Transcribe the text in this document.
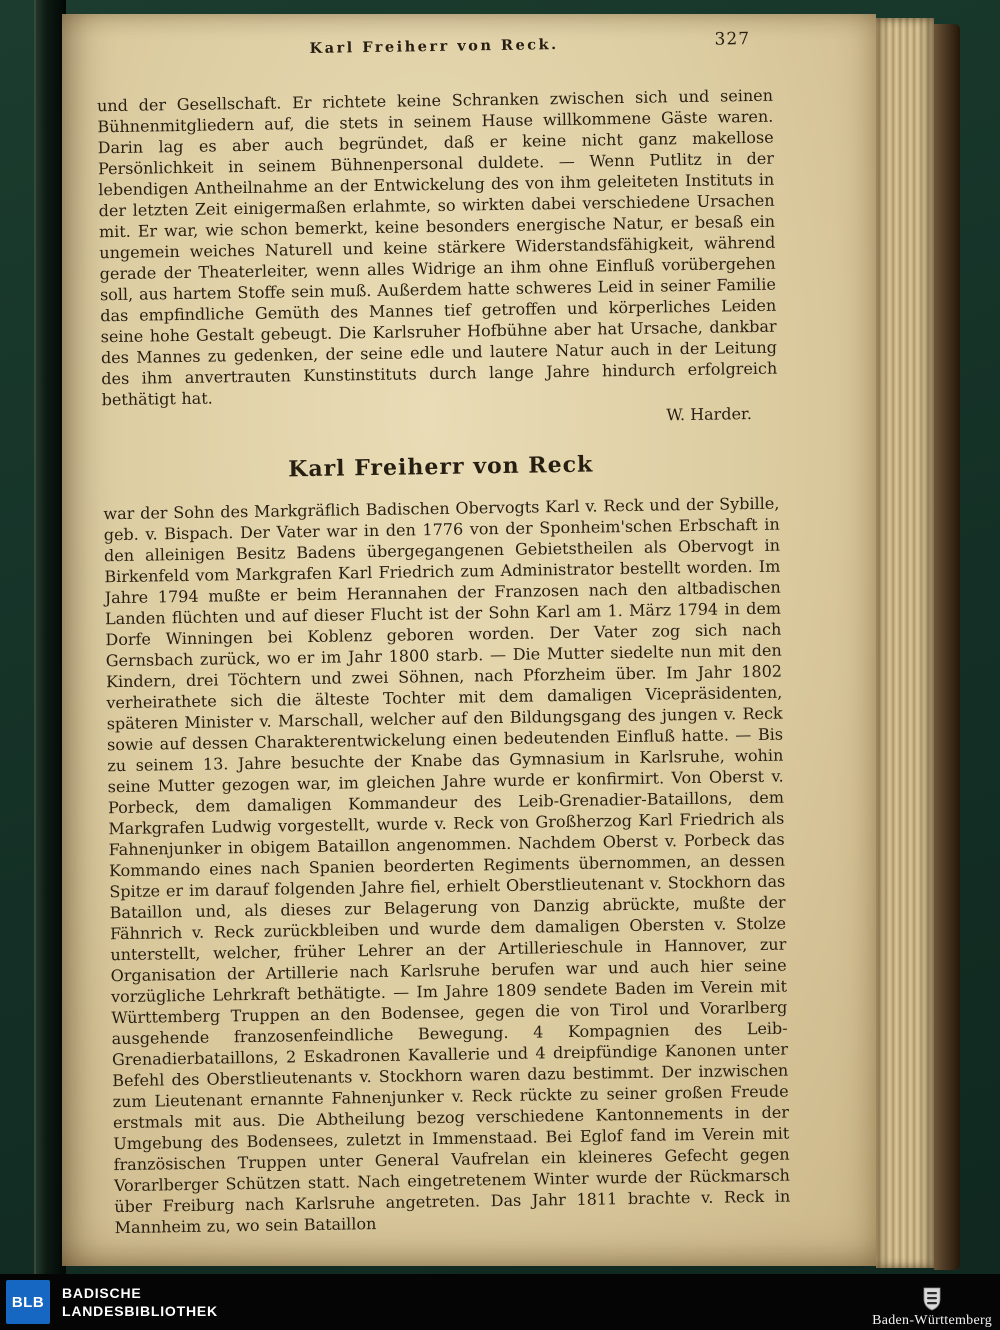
Karl Freiherr von Reck.	327

und der Gesellschaft. Er richtete keine Schranken zwischen sich und seinen Bühnenmitgliedern auf, die stets in seinem Hause willkommene Gäste waren. Darin lag es aber auch begründet, daß er keine nicht ganz makellose Persönlichkeit in seinem Bühnenpersonal duldete. — Wenn Putlitz in der lebendigen Antheilnahme an der Entwickelung des von ihm geleiteten Instituts in der letzten Zeit einigermaßen erlahmte, so wirkten dabei verschiedene Ursachen mit. Er war, wie schon bemerkt, keine besonders energische Natur, er besaß ein ungemein weiches Naturell und keine stärkere Widerstandsfähigkeit, während gerade der Theaterleiter, wenn alles Widrige an ihm ohne Einfluß vorübergehen soll, aus hartem Stoffe sein muß. Außerdem hatte schweres Leid in seiner Familie das empfindliche Gemüth des Mannes tief getroffen und körperliches Leiden seine hohe Gestalt gebeugt. Die Karlsruher Hofbühne aber hat Ursache, dankbar des Mannes zu gedenken, der seine edle und lautere Natur auch in der Leitung des ihm anvertrauten Kunstinstituts durch lange Jahre hindurch erfolgreich bethätigt hat.

W. Harder.
Karl Freiherr von Reck

war der Sohn des Markgräflich Badischen Obervogts Karl v. Reck und der Sybille, geb. v. Bispach. Der Vater war in den 1776 von der Sponheim'schen Erbschaft in den alleinigen Besitz Badens übergegangenen Gebietstheilen als Obervogt in Birkenfeld vom Markgrafen Karl Friedrich zum Administrator bestellt worden. Im Jahre 1794 mußte er beim Herannahen der Franzosen nach den altbadischen Landen flüchten und auf dieser Flucht ist der Sohn Karl am 1. März 1794 in dem Dorfe Winningen bei Koblenz geboren worden. Der Vater zog sich nach Gernsbach zurück, wo er im Jahr 1800 starb. — Die Mutter siedelte nun mit den Kindern, drei Töchtern und zwei Söhnen, nach Pforzheim über. Im Jahr 1802 verheirathete sich die älteste Tochter mit dem damaligen Vicepräsidenten, späteren Minister v. Marschall, welcher auf den Bildungsgang des jungen v. Reck sowie auf dessen Charakterentwickelung einen bedeutenden Einfluß hatte. — Bis zu seinem 13. Jahre besuchte der Knabe das Gymnasium in Karlsruhe, wohin seine Mutter gezogen war, im gleichen Jahre wurde er konfirmirt. Von Oberst v. Porbeck, dem damaligen Kommandeur des Leib-Grenadier-Bataillons, dem Markgrafen Ludwig vorgestellt, wurde v. Reck von Großherzog Karl Friedrich als Fahnenjunker in obigem Bataillon angenommen. Nachdem Oberst v. Porbeck das Kommando eines nach Spanien beorderten Regiments übernommen, an dessen Spitze er im darauf folgenden Jahre fiel, erhielt Oberstlieutenant v. Stockhorn das Bataillon und, als dieses zur Belagerung von Danzig abrückte, mußte der Fähnrich v. Reck zurückbleiben und wurde dem damaligen Obersten v. Stolze unterstellt, welcher, früher Lehrer an der Artillerieschule in Hannover, zur Organisation der Artillerie nach Karlsruhe berufen war und auch hier seine vorzügliche Lehrkraft bethätigte. — Im Jahre 1809 sendete Baden im Verein mit Württemberg Truppen an den Bodensee, gegen die von Tirol und Vorarlberg ausgehende franzosenfeindliche Bewegung. 4 Kompagnien des Leib-Grenadierbataillons, 2 Eskadronen Kavallerie und 4 dreipfündige Kanonen unter Befehl des Oberstlieutenants v. Stockhorn waren dazu bestimmt. Der inzwischen zum Lieutenant ernannte Fahnenjunker v. Reck rückte zu seiner großen Freude erstmals mit aus. Die Abtheilung bezog verschiedene Kantonnements in der Umgebung des Bodensees, zuletzt in Immenstaad. Bei Eglof fand im Verein mit französischen Truppen unter General Vaufrelan ein kleineres Gefecht gegen Vorarlberger Schützen statt. Nach eingetretenem Winter wurde der Rückmarsch über Freiburg nach Karlsruhe angetreten. Das Jahr 1811 brachte v. Reck in Mannheim zu, wo sein Bataillon

BLB
BADISCHE
LANDESBIBLIOTHEK
Baden-Württemberg
